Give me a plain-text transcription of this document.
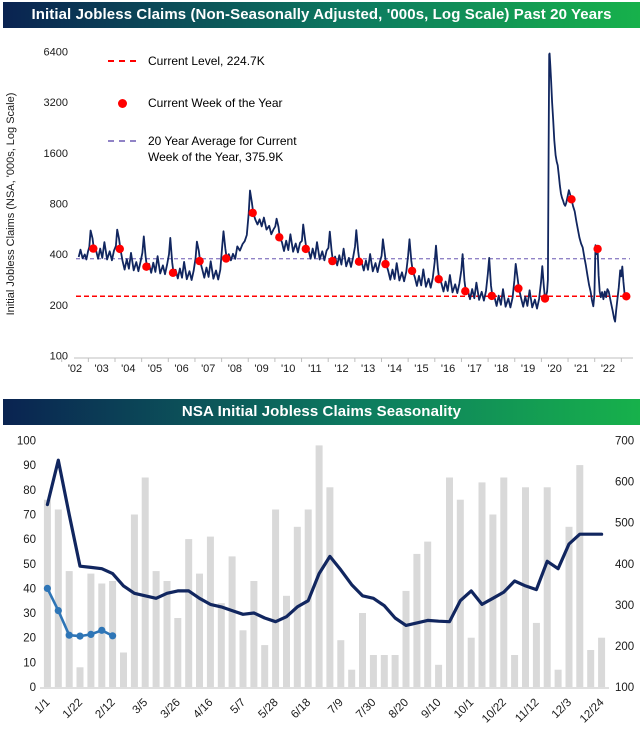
Initial Jobless Claims (Non-Seasonally Adjusted, '000s, Log Scale) Past 20 Years
Initial Jobless Claims (NSA, '000s, Log Scale)
'02 '03 '04 '05 '06 '07 '08 '09 '10 '11 '12 '13 '14 '15 '16 '17 '18 '19 '20 '21 '22
6400
3200
1600
800
400
200
100
100
90
80
70
60
50
40
30
20
10
0
700
600
500
400
300
200
100
1/1 1/22 2/12 3/5 3/26 4/16 5/7 5/28 6/18 7/9 7/30 8/20 9/10 10/1 10/22 11/12 12/3 12/24
Current Level, 224.7K
Current Week of the Year
20 Year Average for Current
Week of the Year, 375.9K
NSA Initial Jobless Claims Seasonality
